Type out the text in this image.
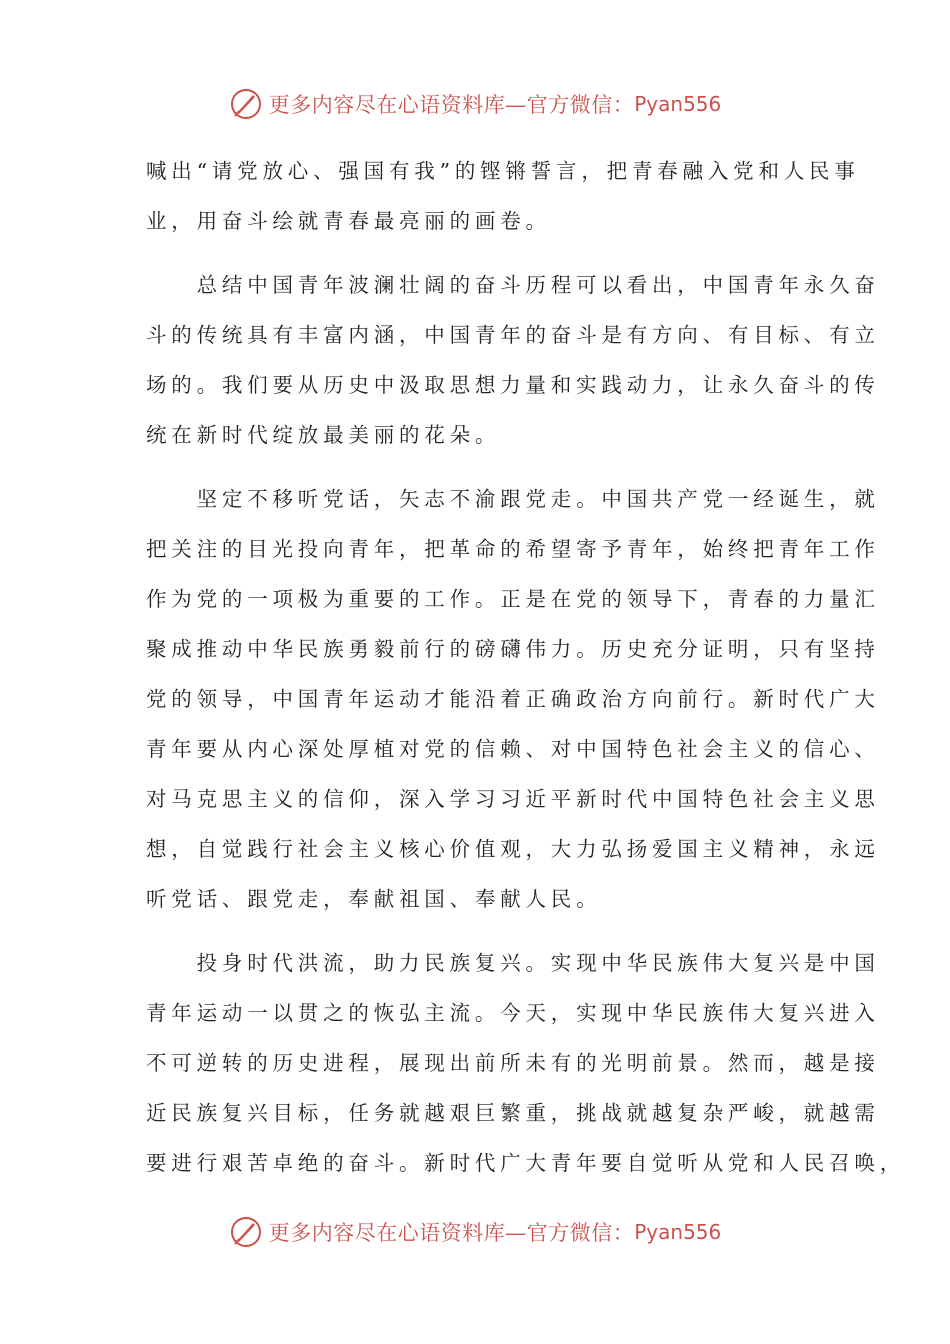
更多内容尽在心语资料库—官方微信： Pyan556
喊出“请党放心、强国有我”的铿锵誓言，把青春融入党和人民事
业，用奋斗绘就青春最亮丽的画卷。
　　总结中国青年波澜壮阔的奋斗历程可以看出，中国青年永久奋
斗的传统具有丰富内涵，中国青年的奋斗是有方向、有目标、有立
场的。我们要从历史中汲取思想力量和实践动力，让永久奋斗的传
统在新时代绽放最美丽的花朵。
　　坚定不移听党话，矢志不渝跟党走。中国共产党一经诞生，就
把关注的目光投向青年，把革命的希望寄予青年，始终把青年工作
作为党的一项极为重要的工作。正是在党的领导下，青春的力量汇
聚成推动中华民族勇毅前行的磅礴伟力。历史充分证明，只有坚持
党的领导，中国青年运动才能沿着正确政治方向前行。新时代广大
青年要从内心深处厚植对党的信赖、对中国特色社会主义的信心、
对马克思主义的信仰，深入学习习近平新时代中国特色社会主义思
想，自觉践行社会主义核心价值观，大力弘扬爱国主义精神，永远
听党话、跟党走，奉献祖国、奉献人民。
　　投身时代洪流，助力民族复兴。实现中华民族伟大复兴是中国
青年运动一以贯之的恢弘主流。今天，实现中华民族伟大复兴进入
不可逆转的历史进程，展现出前所未有的光明前景。然而，越是接
近民族复兴目标，任务就越艰巨繁重，挑战就越复杂严峻，就越需
要进行艰苦卓绝的奋斗。新时代广大青年要自觉听从党和人民召唤，
更多内容尽在心语资料库—官方微信： Pyan556
